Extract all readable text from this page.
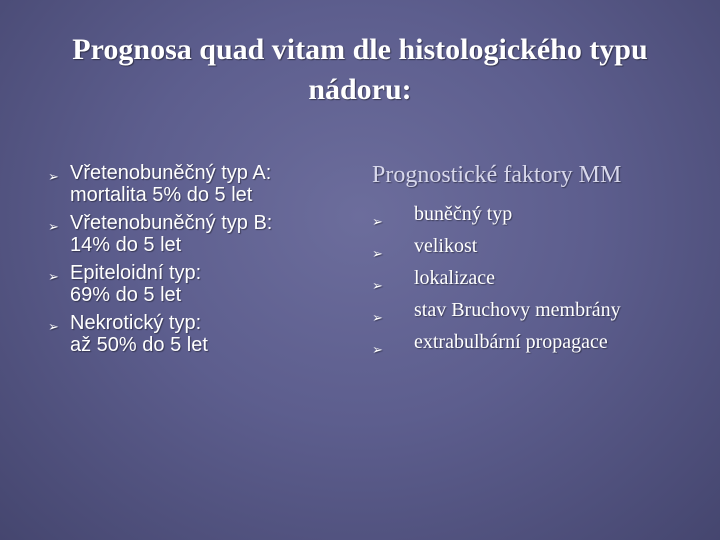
Prognosa quad vitam dle histologického typu
nádoru:
➢ Vřetenobuněčný typ A:
mortalita 5% do 5 let
➢ Vřetenobuněčný typ B:
14% do 5 let
➢ Epiteloidní typ:
69% do 5 let
➢ Nekrotický typ:
až 50% do 5 let
Prognostické faktory MM
➢ buněčný typ
➢ velikost
➢ lokalizace
➢ stav Bruchovy membrány
➢ extrabulbární propagace
